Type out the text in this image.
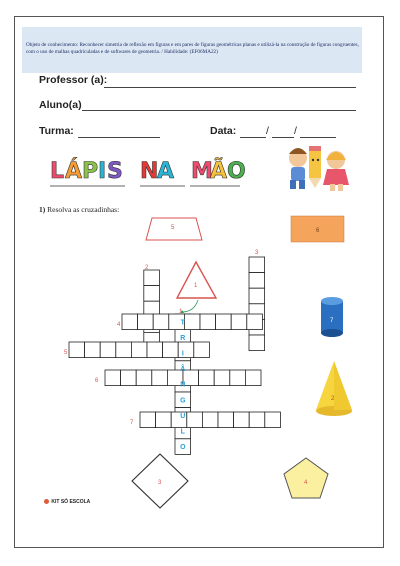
Objeto de conhecimento: Reconhecer simetria de reflexão em figuras e em pares de figuras geométricas planas e utilizá-la na construção de figuras congruentes, com o uso de malhas quadriculadas e de softwares de geometria. / Habilidade: (EF06MA22)
Professor (a):
Aluno(a)
Turma:	Data:	/ /
L Á P I S N
A M
Ã O
1) Resolva as cruzadinhas:
5	6
1
7
2
3	4
T
R
I
Â
N
G
U
L
O
1
2
3
4
5
6
7
KIT SÓ ESCOLA
